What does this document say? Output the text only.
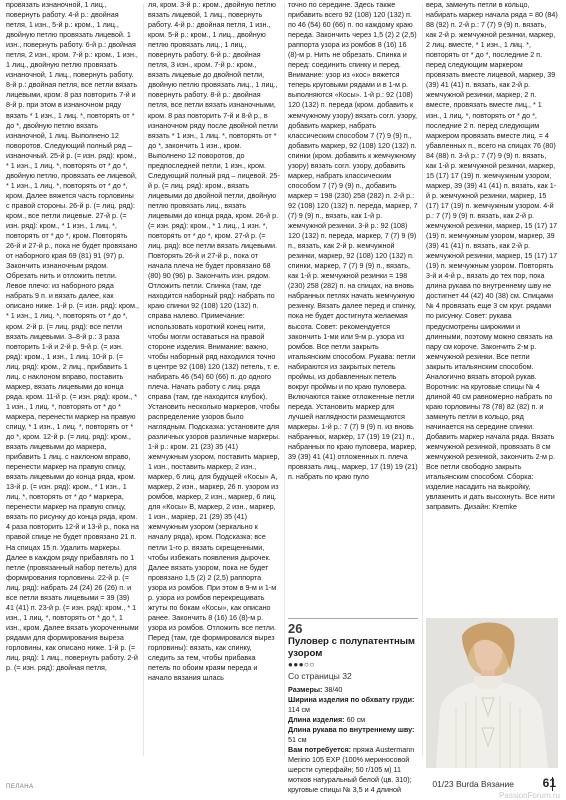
провязать изнаночной, 1 лиц., повернуть работу. 4-й р.: двойная петля, 1 изн., 5-й р.: кром., 1 лиц., двойную петлю провязать лицевой. 1 изн., повернуть работу. 6-й р.: двойная петля, 2 изн., кром. 7-й р.: кром., 1 изн., 1 лиц., двойную петлю провязать изнаночной, 1 лиц., повернуть работу. 8-й р.: двойная петля, все петли вязать лицевыми, кром. 8 раз повторить 7-й и 8-й р. при этом в изнаночном ряду вязать * 1 изн., 1 лиц. *, повторять от * до *, двойную петлю вязать изнаночной, 1 лиц. Выполнено 12 поворотов. Следующий полный ряд – изнаночный. 25-й р. (= изн. ряд): кром., * 1 изн., 1 лиц. *, повторять от * до *, двойную петлю, провязать ее лицевой, * 1 изн., 1 лиц. *, повторять от * до *, кром. Далее вяжется часть горловины с правой стороны. 26-й р. (= лиц. ряд): кром., все петли лицевые. 27-й р. (= изн. ряд): кром., * 1 изн., 1 лиц. *, повторять от * до *, кром. Повторять 26-й и 27-й р., пока не будет провязано от наборного края 69 (81) 91 (97) р. Закончить изнаночным рядом. Обрезать нить и отложить петли. Левое плечо: из наборного ряда набрать 9 п. и вязать далее, как описано ниже. 1-й р. (= изн. ряд): кром., * 1 изн., 1 лиц. *, повторять от * до *, кром. 2-й р. (= лиц. ряд): все петли вязать лицевыми. 3–8-й р.: 3 раза повторить 1-й и 2-й р. 9-й р. (= изн. ряд): кром., 1 изн., 1 лиц. 10-й р. (= лиц. ряд): кром., 2 лиц., прибавить 1 лиц. с наклоном вправо, поставить маркер, вязать лицевыми до конца ряда. кром. 11-й р. (= изн. ряд): кром., * 1 изн., 1 лиц. *, повторять от * до * маркера, перенести маркер на правую спицу, * 1 изн., 1 лиц. *, повторять от * до *, кром. 12-й р. (= лиц. ряд): кром., вязать лицевыми до маркера, прибавить 1 лиц. с наклоном вправо, перенести маркер на правую спицу, вязать лицевыми до конца ряда, кром. 13-й р. (= изн. ряд): кром., * 1 изн., 1 лиц. *, повторять от * до * маркера, перенести маркер на правую спицу, вязать по рисунку до конца ряда, кром. 4 раза повторить 12-й и 13-й р., пока на правой спице не будет провязано 21 п. На спицах 15 п. Удалить маркеры. Далее в каждом ряду прибавлять по 1 петле (провязанный набор петель) для формирования горловины. 22-й р. (= лиц. ряд): набрать 24 (24) 26 (26) п. и все петли вязать лицевыми = 39 (39) 41 (41) п. 23-й р. (= изн. ряд): кром., * 1 изн., 1 лиц. *, повторять от * до *, 1 изн., кром. Далее вязать укороченными рядами для формирования выреза горловины, как описано ниже. 1-й р. (= лиц. ряд): 1 лиц., повернуть работу. 2-й р. (= изн. ряд): двойная петля,

ля, кром. 3-й р.: кром., двойную петлю вязать лицевой, 1 лиц., повернуть работу. 4-й р.: двойная петля, 1 изн., кром. 5-й р.: кром., 1 лиц., двойную петлю провязать лиц., 1 лиц., повернуть работу. 6-й р.: двойная петля, 3 изн., кром. 7-й р.: кром., вязать лицевые до двойной петли, двойную петлю провязать лиц., 1 лиц., повернуть работу. 8-й р.: двойная петля, все петли вязать изнаночными, кром. 8 раз повторить 7-й и 8-й р., в изнаночном ряду после двойной петли вязать * 1 изн., 1 лиц. *, повторять от * до *, закончить 1 изн., кром. Выполнено 12 поворотов, до предпоследней петли, 1 изн., кром. Следующий полный ряд – лицевой. 25-й р. (= лиц. ряд): кром., вязать лицевыми до двойной петли, двойную петлю провязать лиц., вязать лицевыми до конца ряда, кром. 26-й р. (= изн. ряд): кром., * 1 лиц., 1 изн. *, повторять от * до *, кром. 27-й р. (= лиц. ряд): все петли вязать лицевыми. Повторять 26-й и 27-й р., пока от начала плеча не будет провязано 68 (80) 90 (96) р. Закончить изн. рядом. Отложить петли. Спинка (там, где находится наборный ряд): набрать по краю спинки 92 (108) 120 (132) п. справа налево. Примечание: использовать короткий конец нити, чтобы могли оставаться на правой стороне изделия. Внимание: важно, чтобы наборный ряд находился точно в центре 92 (108) 120 (132) петель, т. е. набирать 46 (54) 60 (66) п. до одного плеча. Начать работу с лиц. ряда справа (там, где находится клубок). Установить несколько маркеров, чтобы распределение узоров было наглядным. Подсказка: установите для различных узоров различные маркеры. 1-й р.: кром. 21 (23) 35 (41) жемчужным узором, поставить маркер, 1 изн., поставить маркер, 2 изн., маркер, 6 лиц. для будущей «Косы» A, маркер, 2 изн., маркер, 26 п. узором из ромбов, маркер, 2 изн., маркер, 6 лиц. для «Косы» B, маркер, 2 изн., маркер, 1 изн., маркер, 21 (29) 35 (41) жемчужным узором (зеркально к началу ряда), кром. Подсказка: все петли 1-го р. вязать скрещенными, чтобы избежать появления дырочек. Далее вязать узором, пока не будет провязано 1,5 (2) 2 (2,5) раппорта узора из ромбов. При этом в 9-м и 1-м р. узора из ромбов перекрещивать жгуты по бокам «Косы», как описано ранее. Закончить 8 (16) 16 (8)-м р. узора из ромбов. Отложить все петли. Перед (там, где формировался вырез горловины): вязать, как спинку, следить за тем, чтобы прибавка петель по обоим краям переда и начало вязания шлась

точно по середине. Здесь также прибавить всего 92 (108) 120 (132) п. по 46 (54) 60 (66) п. по каждому краю переда. Закончить через 1,5 (2) 2 (2,5) раппорта узора из ромбов 8 (16) 16 (8)-м р. Нить не обрезать. Спинка и перед: соединить спинку и перед. Внимание: узор из «кос» вяжется теперь круговыми рядами и в 1-м р. выполняются «Косы». 1-й р.: 92 (108) 120 (132) п. переда (кром. добавить к жемчужному узору) вязать согл. узору, добавить маркер, набрать классическим способом 7 (7) 9 (9) п., добавить маркер, 92 (108) 120 (132) п. спинки (кром. добавить к жемчужному узору) вязать согл. узору, добавить маркер, набрать классическим способом 7 (7) 9 (9) п., добавить маркер = 198 (230) 258 (282) п. 2-й р.: 92 (108) 120 (132) п. переда, маркер, 7 (7) 9 (9) п., вязать, как 1-й р. жемчужной резинки. 3-й р.: 92 (108) 120 (132) п. переда, маркер, 7 (7) 9 (9) п., вязать, как 2-й р. жемчужной резинки, маркер, 92 (108) 120 (132) п. спинки, маркер, 7 (7) 9 (9) п., вязать, как 1-й р. жемчужной резинки = 198 (230) 258 (282) п. на спицах, на вновь набранных петлях начать жемчужную резинку. Вязать далее перед и спинку, пока не будет достигнута желаемая высота. Совет: рекомендуется закончить 1-ми или 9-м р. узора из ромбов. Все петли закрыть итальянским способом. Рукава: петли набираются из закрытых петель проймы, из добавленных петель вокруг проймы и по краю пуловера. Включаются также отложенные петли переда. Установить маркер для лучшей наглядности размещаются маркеры. 1-й р.: 7 (7) 9 (9) п. из вновь набранных, маркер, 17 (19) 19 (21) п., набранных по краю пуловера, маркер, 39 (39) 41 (41) отложенных п. плеча провязать лиц., маркер, 17 (19) 19 (21) п. набрать по краю пуло

вера, замкнуть петли в кольцо, набирать маркер начала ряда = 80 (84) 88 (92) п. 2-й р.: 7 (7) 9 (9) п. вязать, как 2-й р. жемчужной резинки, маркер, 2 лиц. вместе, * 1 изн., 1 лиц. *, повторять от * до *, последние 2 п. перед следующим маркером провязать вместе лицевой, маркер, 39 (39) 41 (41) п. вязать, как 2-й р. жемчужной резинки, маркер, 2 п. вместе, провязать вместе лиц., * 1 изн., 1 лиц. *, повторять от * до *, последние 2 п. перед следующим маркером провязать вместе лиц. = 4 убавленных п., всего на спицах 76 (80) 84 (88) п. 3-й р.: 7 (7) 9 (9) п. вязать, как 1-й р. жемчужной резинки, маркер, 15 (17) 17 (19) п. жемчужным узором, маркер, 39 (39) 41 (41) п. вязать, как 1-й р. жемчужной резинки, маркер, 15 (17) 17 (19) п. жемчужным узором. 4-й р.: 7 (7) 9 (9) п. вязать, как 2-й р. жемчужной резинки, маркер, 15 (17) 17 (19) п. жемчужным узором, маркер, 39 (39) 41 (41) п. вязать, как 2-й р. жемчужной резинки, маркер, 15 (17) 17 (19) п. жемчужным узором. Повторять 3-й и 4-й р., вязать до тех пор, пока длина рукава по внутреннему шву не достигнет 44 (42) 40 (38) см. Спицами № 4 провязать еще 3 см круг. рядами по рисунку. Совет: рукава предусмотрены широкими и длинными, поэтому можно связать на пару см короче. Закончить 2-м р. жемчужной резинки. Все петли закрыть итальянским способом. Аналогично вязать второй рукав. Воротник: на круговые спицы № 4 длиной 40 см равномерно набрать по краю горловины 78 (78) 82 (82) п. и замкнуть петли в кольцо, ряд начинается на середине спинки. Добавить маркер начала ряда. Вязать жемчужной резинкой, провязать 8 см жемчужной резинкой, закончить 2-м р. Все петли свободно закрыть итальянским способом. Сборка: изделие насадить на выкройку, увлажнить и дать высохнуть. Все нити заправить. Дизайн: Kremke

26
Пуловер с полупатентным узором
●●●○○
Со страницы 32
Размеры: 38/40
Ширина изделия по обхвату груди: 114 см
Длина изделия: 60 см
Длина рукава по внутреннему шву: 51 см
Вам потребуется: пряжа Austermann Merino 105 EXP (100% мериносовой шерсти суперфайн; 50 г/105 м) 11 мотков натуральный белой (цв. 310); круговые спицы № 3,5 и 4 длиной
ПЕЛАНА	01/23 Burda Вязание 61
PassionForum.ru
